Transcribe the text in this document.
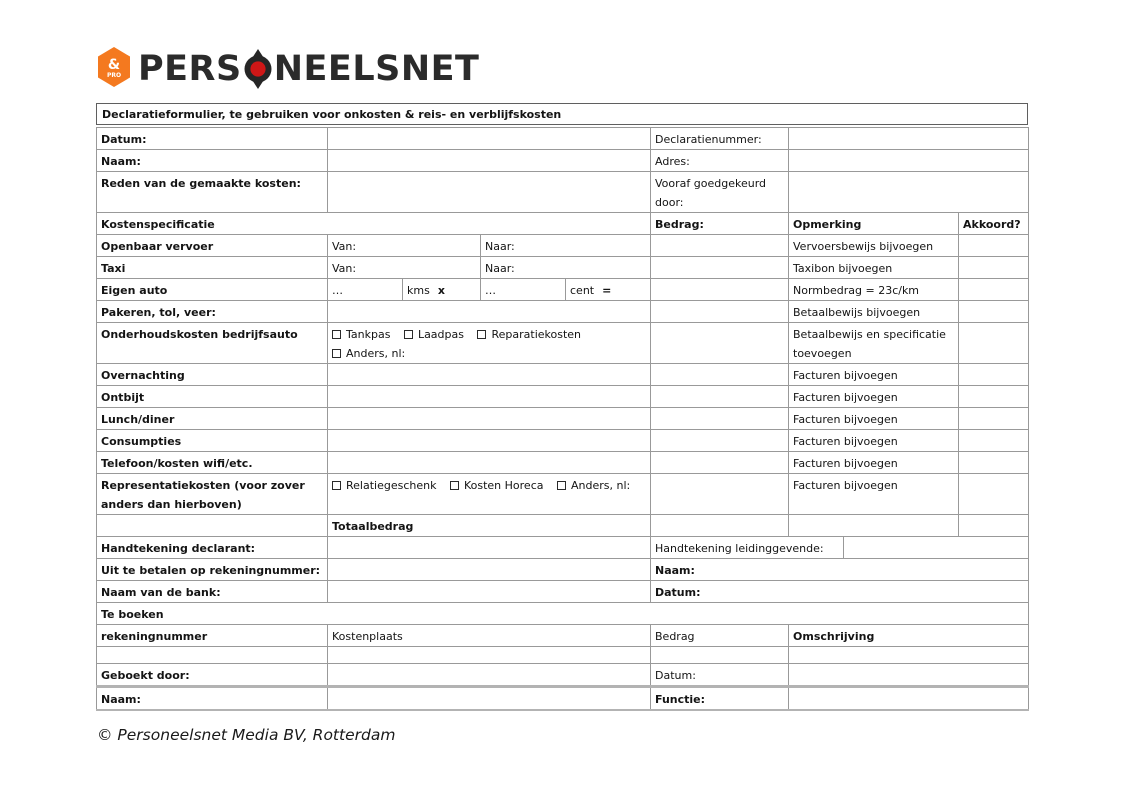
&
PRO PERS NEELSNET
Declaratieformulier, te gebruiken voor onkosten & reis- en verblijfskosten
Datum:					Declaratienummer:			
Naam:					Adres:			
Reden van de gemaakte kosten:					Vooraf goedgekeurd door:			
Kostenspecificatie					Bedrag:	Opmerking		Akkoord?
Openbaar vervoer	Van:		Naar:			Vervoersbewijs bijvoegen		
Taxi	Van:		Naar:			Taxibon bijvoegen		
Eigen auto	…	kms x	…	cent =		Normbedrag = 23c/km		
Pakeren, tol, veer:						Betaalbewijs bijvoegen		
Onderhoudskosten bedrijfsauto	Tankpas Laadpas Reparatiekosten Anders, nl:					Betaalbewijs en specificatie toevoegen		
Overnachting						Facturen bijvoegen		
Ontbijt						Facturen bijvoegen		
Lunch/diner						Facturen bijvoegen		
Consumpties						Facturen bijvoegen		
Telefoon/kosten wifi/etc.						Facturen bijvoegen		
Representatiekosten (voor zover anders dan hierboven)	Relatiegeschenk Kosten Horeca Anders, nl:					Facturen bijvoegen		
	Totaalbedrag							
Handtekening declarant:					Handtekening leidinggevende:			
Uit te betalen op rekeningnummer:					Naam:			
Naam van de bank:					Datum:			
Te boeken								
rekeningnummer	Kostenplaats				Bedrag	Omschrijving		

Geboekt door:					Datum:			
Naam:					Functie:			
© Personeelsnet Media BV, Rotterdam
